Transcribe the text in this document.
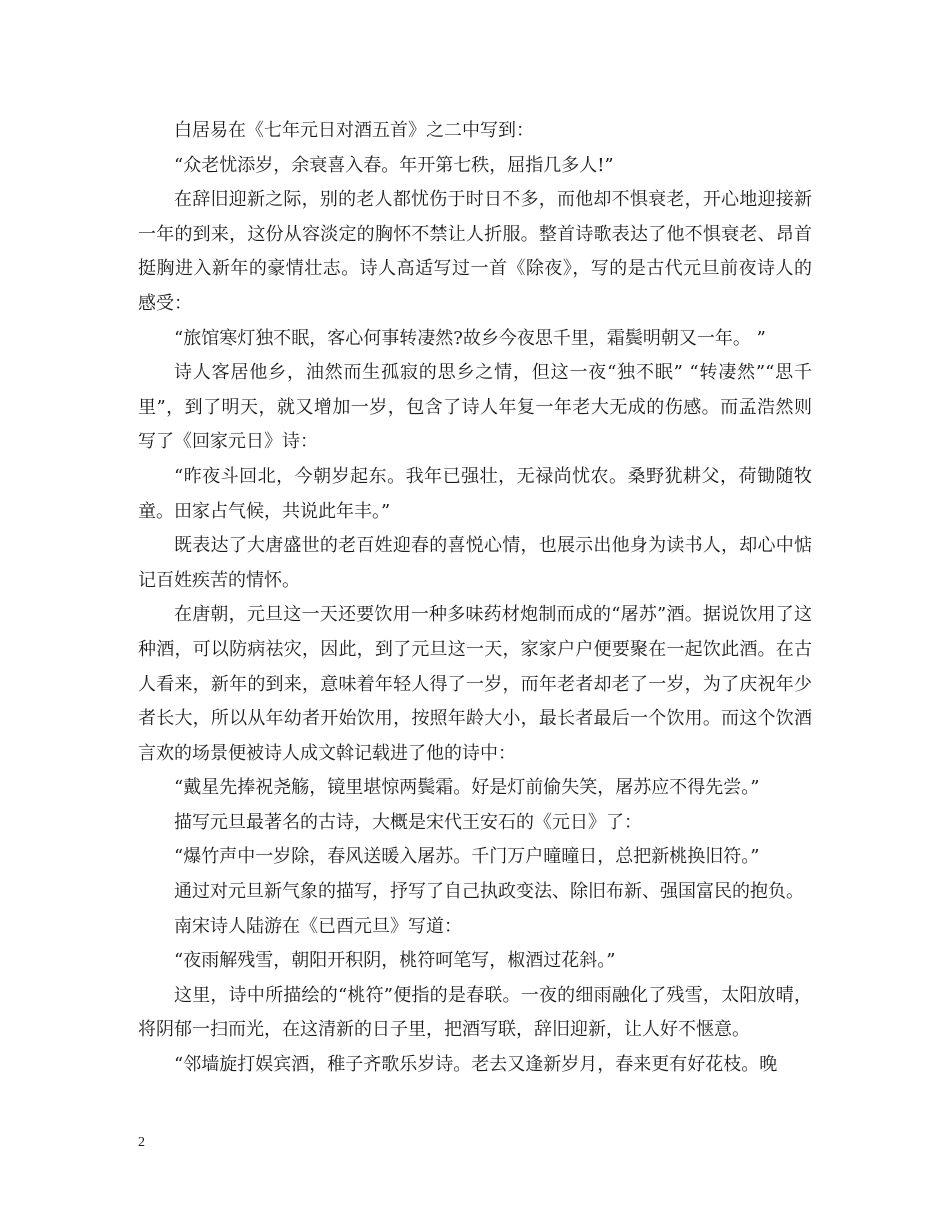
白居易在《七年元日对酒五首》之二中写到：

“众老忧添岁，余衰喜入春。年开第七秩，屈指几多人!”

在辞旧迎新之际，别的老人都忧伤于时日不多，而他却不惧衰老，开心地迎接新一年的到来，这份从容淡定的胸怀不禁让人折服。整首诗歌表达了他不惧衰老、昂首挺胸进入新年的豪情壮志。诗人高适写过一首《除夜》，写的是古代元旦前夜诗人的感受：

“旅馆寒灯独不眠，客心何事转凄然?故乡今夜思千里，霜鬓明朝又一年。 ”

诗人客居他乡，油然而生孤寂的思乡之情，但这一夜“独不眠” “转凄然”“思千里”，到了明天，就又增加一岁，包含了诗人年复一年老大无成的伤感。而孟浩然则写了《回家元日》诗：

“昨夜斗回北，今朝岁起东。我年已强壮，无禄尚忧农。桑野犹耕父，荷锄随牧童。田家占气候，共说此年丰。”

既表达了大唐盛世的老百姓迎春的喜悦心情，也展示出他身为读书人，却心中惦记百姓疾苦的情怀。

在唐朝，元旦这一天还要饮用一种多味药材炮制而成的“屠苏”酒。据说饮用了这种酒，可以防病祛灾，因此，到了元旦这一天，家家户户便要聚在一起饮此酒。在古人看来，新年的到来，意味着年轻人得了一岁，而年老者却老了一岁，为了庆祝年少者长大，所以从年幼者开始饮用，按照年龄大小，最长者最后一个饮用。而这个饮酒言欢的场景便被诗人成文斡记载进了他的诗中：

“戴星先捧祝尧觞，镜里堪惊两鬓霜。好是灯前偷失笑，屠苏应不得先尝。”

描写元旦最著名的古诗，大概是宋代王安石的《元日》了：

“爆竹声中一岁除，春风送暖入屠苏。千门万户曈曈日，总把新桃换旧符。”

通过对元旦新气象的描写，抒写了自己执政变法、除旧布新、强国富民的抱负。

南宋诗人陆游在《已酉元旦》写道：

“夜雨解残雪，朝阳开积阴，桃符呵笔写，椒酒过花斜。”

这里，诗中所描绘的“桃符”便指的是春联。一夜的细雨融化了残雪，太阳放晴，将阴郁一扫而光，在这清新的日子里，把酒写联，辞旧迎新，让人好不惬意。

“邻墙旋打娱宾酒，稚子齐歌乐岁诗。老去又逢新岁月，春来更有好花枝。晚

2
